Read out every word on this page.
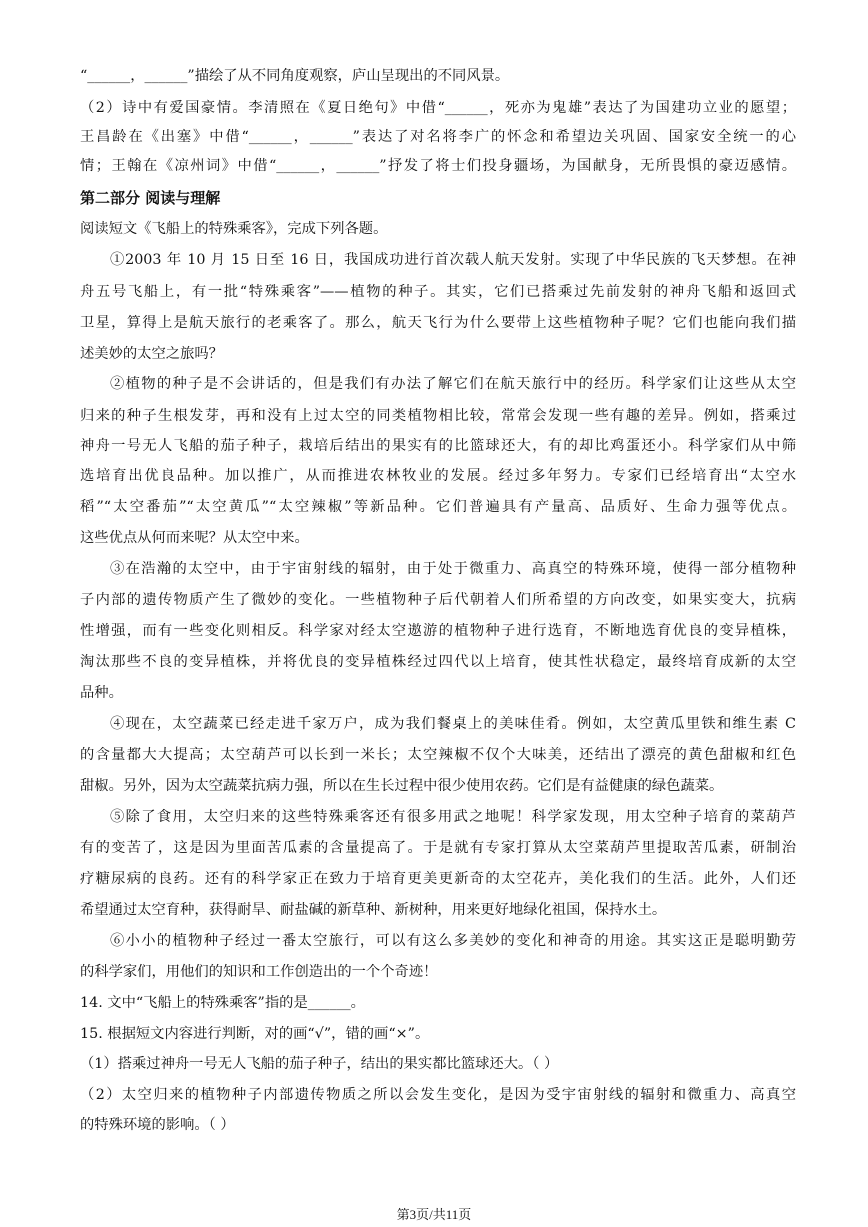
“______，______”描绘了从不同角度观察，庐山呈现出的不同风景。
（2）诗中有爱国豪情。李清照在《夏日绝句》中借“______，死亦为鬼雄”表达了为国建功立业的愿望；
王昌龄在《出塞》中借“______，______”表达了对名将李广的怀念和希望边关巩固、国家安全统一的心
情；王翰在《凉州词》中借“______，______”抒发了将士们投身疆场，为国献身，无所畏惧的豪迈感情。
第二部分 阅读与理解
阅读短文《飞船上的特殊乘客》，完成下列各题。
①2003 年 10 月 15 日至 16 日，我国成功进行首次载人航天发射。实现了中华民族的飞天梦想。在神
舟五号飞船上，有一批“特殊乘客”——植物的种子。其实，它们已搭乘过先前发射的神舟飞船和返回式
卫星，算得上是航天旅行的老乘客了。那么，航天飞行为什么要带上这些植物种子呢？它们也能向我们描
述美妙的太空之旅吗？
②植物的种子是不会讲话的，但是我们有办法了解它们在航天旅行中的经历。科学家们让这些从太空
归来的种子生根发芽，再和没有上过太空的同类植物相比较，常常会发现一些有趣的差异。例如，搭乘过
神舟一号无人飞船的茄子种子，栽培后结出的果实有的比篮球还大，有的却比鸡蛋还小。科学家们从中筛
选培育出优良品种。加以推广，从而推进农林牧业的发展。经过多年努力。专家们已经培育出“太空水
稻”“太空番茄”“太空黄瓜”“太空辣椒”等新品种。它们普遍具有产量高、品质好、生命力强等优点。
这些优点从何而来呢？从太空中来。
③在浩瀚的太空中，由于宇宙射线的辐射，由于处于微重力、高真空的特殊环境，使得一部分植物种
子内部的遗传物质产生了微妙的变化。一些植物种子后代朝着人们所希望的方向改变，如果实变大，抗病
性增强，而有一些变化则相反。科学家对经太空遨游的植物种子进行选育，不断地选育优良的变异植株，
淘汰那些不良的变异植株，并将优良的变异植株经过四代以上培育，使其性状稳定，最终培育成新的太空
品种。
④现在，太空蔬菜已经走进千家万户，成为我们餐桌上的美味佳肴。例如，太空黄瓜里铁和维生素 C
的含量都大大提高；太空葫芦可以长到一米长；太空辣椒不仅个大味美，还结出了漂亮的黄色甜椒和红色
甜椒。另外，因为太空蔬菜抗病力强，所以在生长过程中很少使用农药。它们是有益健康的绿色蔬菜。
⑤除了食用，太空归来的这些特殊乘客还有很多用武之地呢！科学家发现，用太空种子培育的菜葫芦
有的变苦了，这是因为里面苦瓜素的含量提高了。于是就有专家打算从太空菜葫芦里提取苦瓜素，研制治
疗糖尿病的良药。还有的科学家正在致力于培育更美更新奇的太空花卉，美化我们的生活。此外，人们还
希望通过太空育种，获得耐旱、耐盐碱的新草种、新树种，用来更好地绿化祖国，保持水土。
⑥小小的植物种子经过一番太空旅行，可以有这么多美妙的变化和神奇的用途。其实这正是聪明勤劳
的科学家们，用他们的知识和工作创造出的一个个奇迹！
14. 文中“飞船上的特殊乘客”指的是______。
15. 根据短文内容进行判断，对的画“√”，错的画“×”。
（1）搭乘过神舟一号无人飞船的茄子种子，结出的果实都比篮球还大。（ ）
（2）太空归来的植物种子内部遗传物质之所以会发生变化，是因为受宇宙射线的辐射和微重力、高真空
的特殊环境的影响。（ ）
第3页/共11页
